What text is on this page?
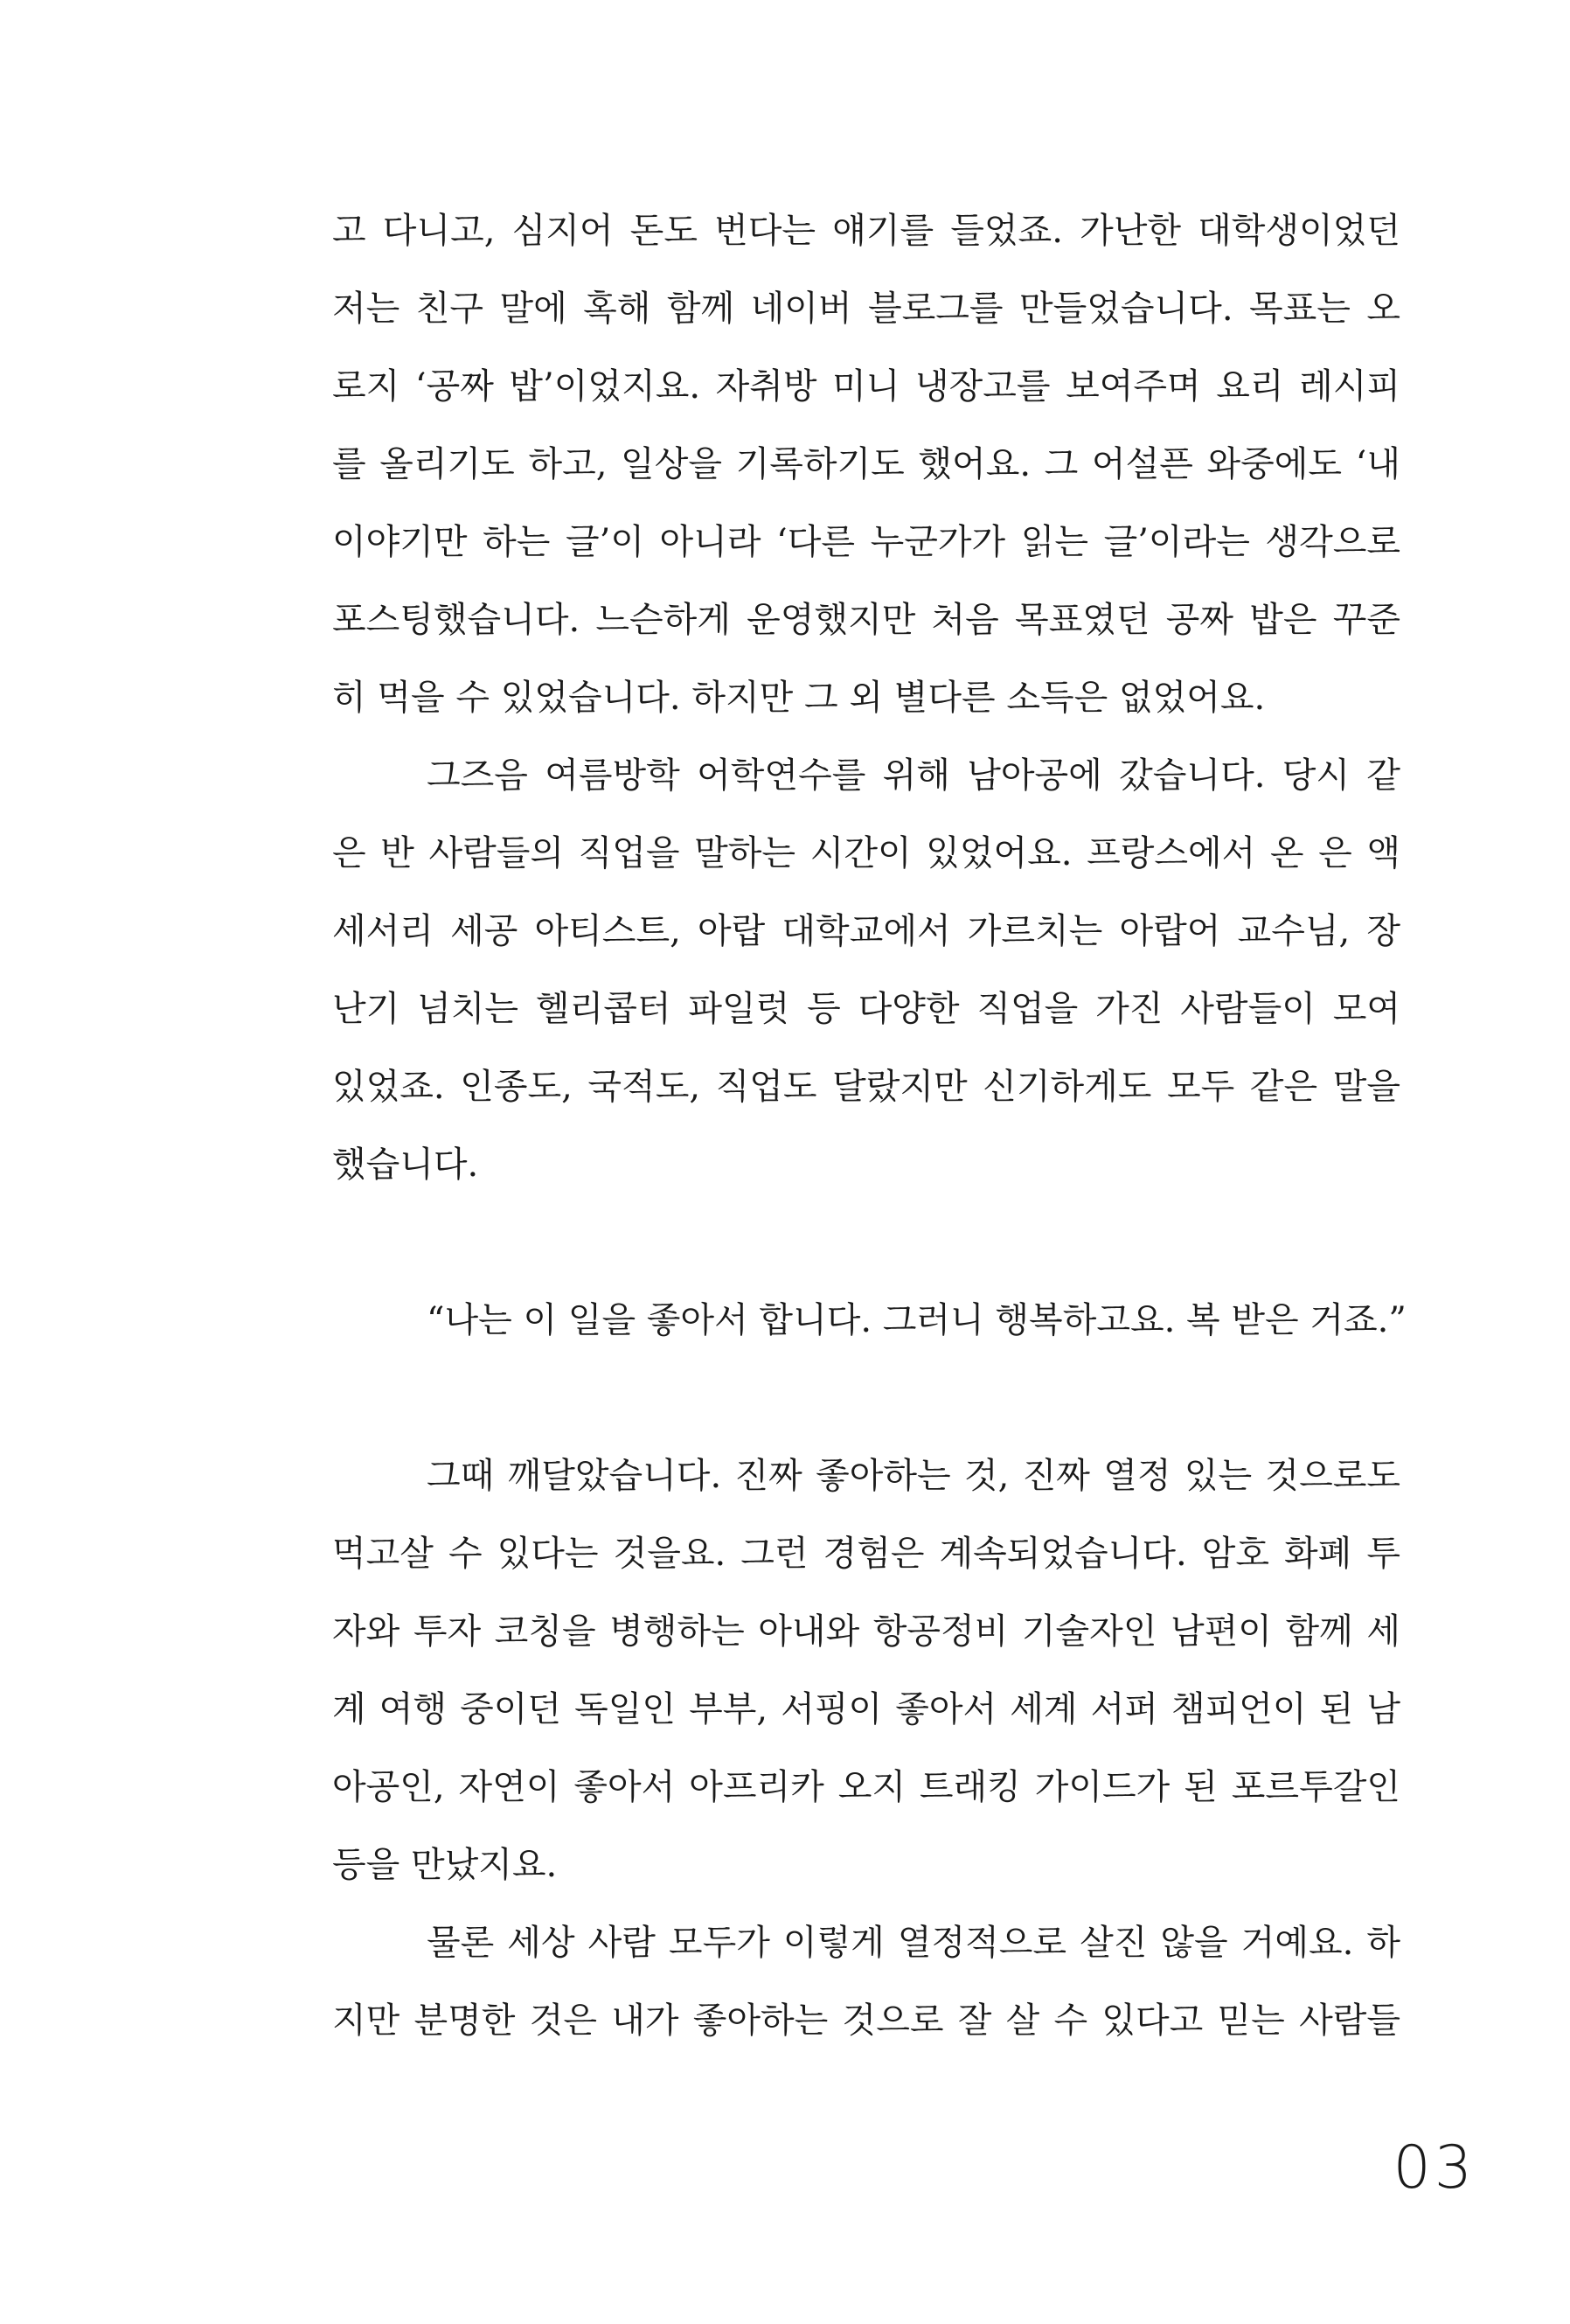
고 다니고, 심지어 돈도 번다는 얘기를 들었죠. 가난한 대학생이었던
저는 친구 말에 혹해 함께 네이버 블로그를 만들었습니다. 목표는 오
로지 ‘공짜 밥’이었지요. 자취방 미니 냉장고를 보여주며 요리 레시피
를 올리기도 하고, 일상을 기록하기도 했어요. 그 어설픈 와중에도 ‘내
이야기만 하는 글’이 아니라 ‘다른 누군가가 읽는 글’이라는 생각으로
포스팅했습니다. 느슨하게 운영했지만 처음 목표였던 공짜 밥은 꾸준
히 먹을 수 있었습니다. 하지만 그 외 별다른 소득은 없었어요.
그즈음 여름방학 어학연수를 위해 남아공에 갔습니다. 당시 같
은 반 사람들의 직업을 말하는 시간이 있었어요. 프랑스에서 온 은 액
세서리 세공 아티스트, 아랍 대학교에서 가르치는 아랍어 교수님, 장
난기 넘치는 헬리콥터 파일럿 등 다양한 직업을 가진 사람들이 모여
있었죠. 인종도, 국적도, 직업도 달랐지만 신기하게도 모두 같은 말을
했습니다.
“나는 이 일을 좋아서 합니다. 그러니 행복하고요. 복 받은 거죠.”
그때 깨달았습니다. 진짜 좋아하는 것, 진짜 열정 있는 것으로도
먹고살 수 있다는 것을요. 그런 경험은 계속되었습니다. 암호 화폐 투
자와 투자 코칭을 병행하는 아내와 항공정비 기술자인 남편이 함께 세
계 여행 중이던 독일인 부부, 서핑이 좋아서 세계 서퍼 챔피언이 된 남
아공인, 자연이 좋아서 아프리카 오지 트래킹 가이드가 된 포르투갈인
등을 만났지요.
물론 세상 사람 모두가 이렇게 열정적으로 살진 않을 거예요. 하
지만 분명한 것은 내가 좋아하는 것으로 잘 살 수 있다고 믿는 사람들
03
